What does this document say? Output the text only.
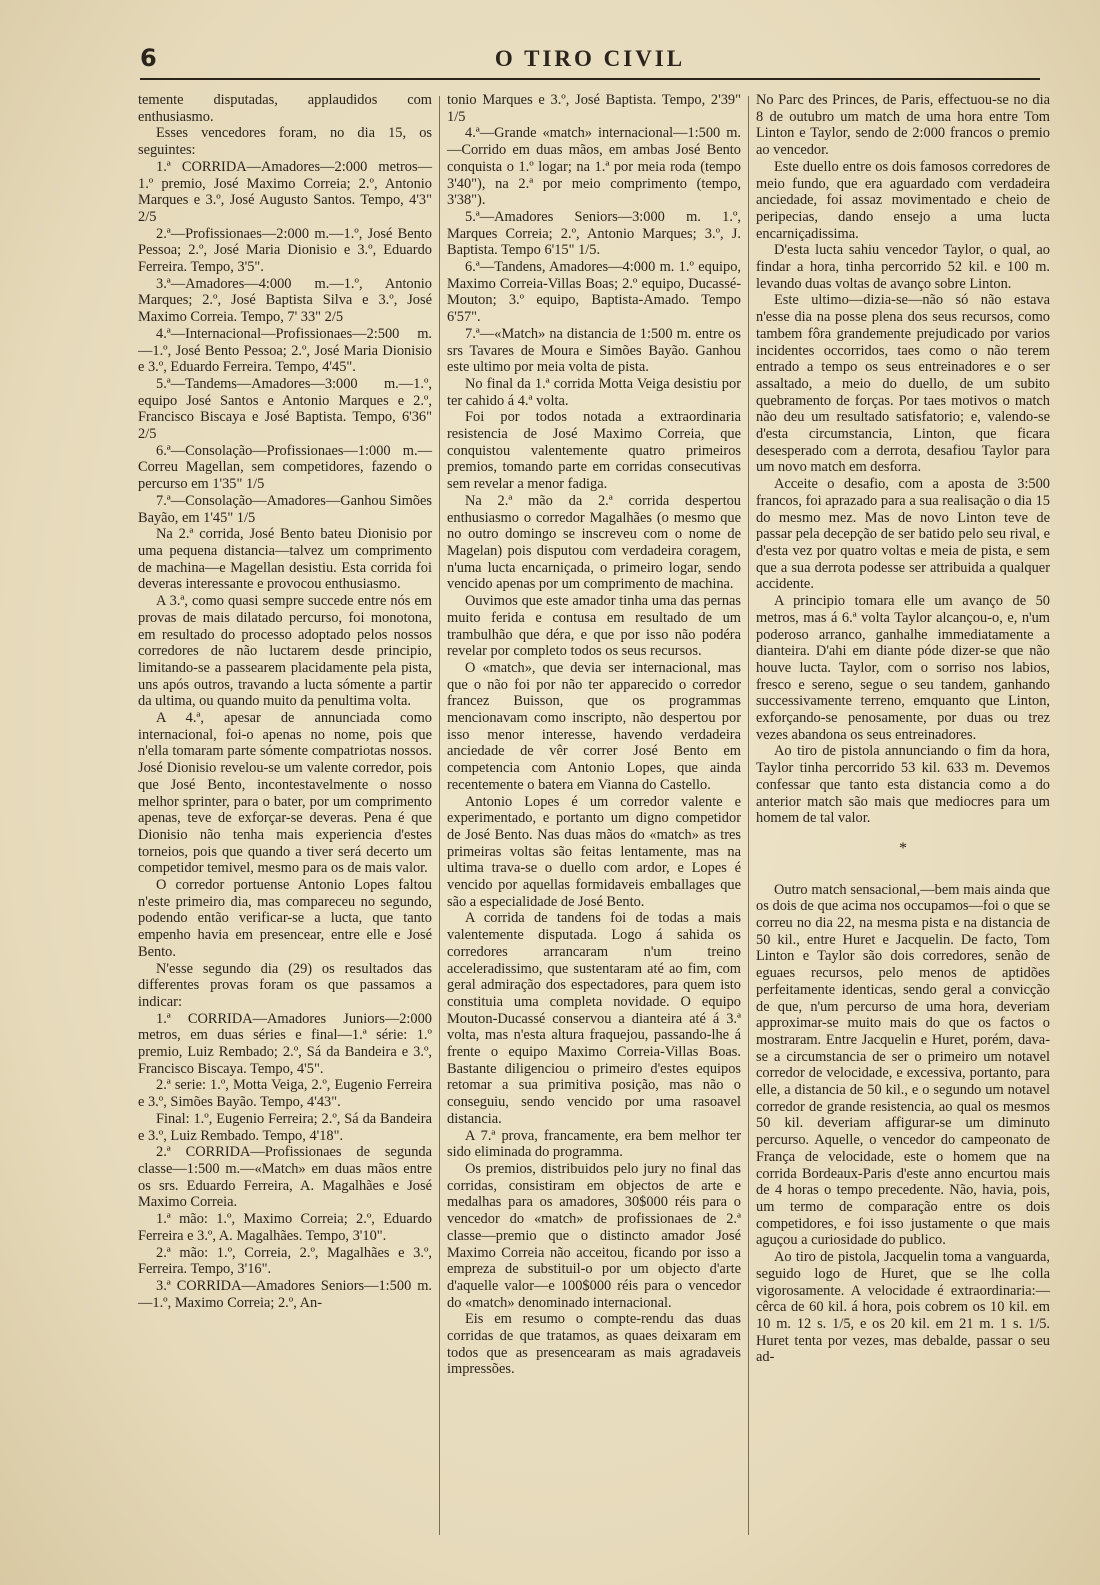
6	O TIRO CIVIL

temente disputadas, applaudidos com enthusiasmo.

Esses vencedores foram, no dia 15, os seguintes:

1.ª CORRIDA—Amadores—2:000 metros—1.º premio, José Maximo Correia; 2.º, Antonio Marques e 3.º, José Augusto Santos. Tempo, 4'3" 2/5

2.ª—Profissionaes—2:000 m.—1.º, José Bento Pessoa; 2.º, José Maria Dionisio e 3.º, Eduardo Ferreira. Tempo, 3'5".

3.ª—Amadores—4:000 m.—1.º, Antonio Marques; 2.º, José Baptista Silva e 3.º, José Maximo Correia. Tempo, 7' 33" 2/5

4.ª—Internacional—Profissionaes—2:500 m.—1.º, José Bento Pessoa; 2.º, José Maria Dionisio e 3.º, Eduardo Ferreira. Tempo, 4'45".

5.ª—Tandems—Amadores—3:000 m.—1.º, equipo José Santos e Antonio Marques e 2.º, Francisco Biscaya e José Baptista. Tempo, 6'36" 2/5

6.ª—Consolação—Profissionaes—1:000 m.—Correu Magellan, sem competidores, fazendo o percurso em 1'35" 1/5

7.ª—Consolação—Amadores—Ganhou Simões Bayão, em 1'45" 1/5

Na 2.ª corrida, José Bento bateu Dionisio por uma pequena distancia—talvez um comprimento de machina—e Magellan desistiu. Esta corrida foi deveras interessante e provocou enthusiasmo.

A 3.ª, como quasi sempre succede entre nós em provas de mais dilatado percurso, foi monotona, em resultado do processo adoptado pelos nossos corredores de não luctarem desde principio, limitando-se a passearem placidamente pela pista, uns após outros, travando a lucta sómente a partir da ultima, ou quando muito da penultima volta.

A 4.ª, apesar de annunciada como internacional, foi-o apenas no nome, pois que n'ella tomaram parte sómente compatriotas nossos. José Dionisio revelou-se um valente corredor, pois que José Bento, incontestavelmente o nosso melhor sprinter, para o bater, por um comprimento apenas, teve de exforçar-se deveras. Pena é que Dionisio não tenha mais experiencia d'estes torneios, pois que quando a tiver será decerto um competidor temivel, mesmo para os de mais valor.

O corredor portuense Antonio Lopes faltou n'este primeiro dia, mas compareceu no segundo, podendo então verificar-se a lucta, que tanto empenho havia em presencear, entre elle e José Bento.

N'esse segundo dia (29) os resultados das differentes provas foram os que passamos a indicar:

1.ª CORRIDA—Amadores Juniors—2:000 metros, em duas séries e final—1.ª série: 1.º premio, Luiz Rembado; 2.º, Sá da Bandeira e 3.º, Francisco Biscaya. Tempo, 4'5".

2.ª serie: 1.º, Motta Veiga, 2.º, Eugenio Ferreira e 3.º, Simões Bayão. Tempo, 4'43".

Final: 1.º, Eugenio Ferreira; 2.º, Sá da Bandeira e 3.º, Luiz Rembado. Tempo, 4'18".

2.ª CORRIDA—Profissionaes de segunda classe—1:500 m.—«Match» em duas mãos entre os srs. Eduardo Ferreira, A. Magalhães e José Maximo Correia.

1.ª mão: 1.º, Maximo Correia; 2.º, Eduardo Ferreira e 3.º, A. Magalhães. Tempo, 3'10".

2.ª mão: 1.º, Correia, 2.º, Magalhães e 3.º, Ferreira. Tempo, 3'16".

3.ª CORRIDA—Amadores Seniors—1:500 m.—1.º, Maximo Correia; 2.º, An-

tonio Marques e 3.º, José Baptista. Tempo, 2'39" 1/5

4.ª—Grande «match» internacional—1:500 m.—Corrido em duas mãos, em ambas José Bento conquista o 1.º logar; na 1.ª por meia roda (tempo 3'40"), na 2.ª por meio comprimento (tempo, 3'38").

5.ª—Amadores Seniors—3:000 m. 1.º, Marques Correia; 2.º, Antonio Marques; 3.º, J. Baptista. Tempo 6'15" 1/5.

6.ª—Tandens, Amadores—4:000 m. 1.º equipo, Maximo Correia-Villas Boas; 2.º equipo, Ducassé-Mouton; 3.º equipo, Baptista-Amado. Tempo 6'57".

7.ª—«Match» na distancia de 1:500 m. entre os srs Tavares de Moura e Simões Bayão. Ganhou este ultimo por meia volta de pista.

No final da 1.ª corrida Motta Veiga desistiu por ter cahido á 4.ª volta.

Foi por todos notada a extraordinaria resistencia de José Maximo Correia, que conquistou valentemente quatro primeiros premios, tomando parte em corridas consecutivas sem revelar a menor fadiga.

Na 2.ª mão da 2.ª corrida despertou enthusiasmo o corredor Magalhães (o mesmo que no outro domingo se inscreveu com o nome de Magelan) pois disputou com verdadeira coragem, n'uma lucta encarniçada, o primeiro logar, sendo vencido apenas por um comprimento de machina.

Ouvimos que este amador tinha uma das pernas muito ferida e contusa em resultado de um trambulhão que déra, e que por isso não podéra revelar por completo todos os seus recursos.

O «match», que devia ser internacional, mas que o não foi por não ter apparecido o corredor francez Buisson, que os programmas mencionavam como inscripto, não despertou por isso menor interesse, havendo verdadeira anciedade de vêr correr José Bento em competencia com Antonio Lopes, que ainda recentemente o batera em Vianna do Castello.

Antonio Lopes é um corredor valente e experimentado, e portanto um digno competidor de José Bento. Nas duas mãos do «match» as tres primeiras voltas são feitas lentamente, mas na ultima trava-se o duello com ardor, e Lopes é vencido por aquellas formidaveis emballages que são a especialidade de José Bento.

A corrida de tandens foi de todas a mais valentemente disputada. Logo á sahida os corredores arrancaram n'um treino acceleradissimo, que sustentaram até ao fim, com geral admiração dos espectadores, para quem isto constituia uma completa novidade. O equipo Mouton-Ducassé conservou a dianteira até á 3.ª volta, mas n'esta altura fraquejou, passando-lhe á frente o equipo Maximo Correia-Villas Boas. Bastante diligenciou o primeiro d'estes equipos retomar a sua primitiva posição, mas não o conseguiu, sendo vencido por uma rasoavel distancia.

A 7.ª prova, francamente, era bem melhor ter sido eliminada do programma.

Os premios, distribuidos pelo jury no final das corridas, consistiram em objectos de arte e medalhas para os amadores, 30$000 réis para o vencedor do «match» de profissionaes de 2.ª classe—premio que o distincto amador José Maximo Correia não acceitou, ficando por isso a empreza de substituil-o por um objecto d'arte d'aquelle valor—e 100$000 réis para o vencedor do «match» denominado internacional.

Eis em resumo o compte-rendu das duas corridas de que tratamos, as quaes deixaram em todos que as presencearam as mais agradaveis impressões.

No Parc des Princes, de Paris, effectuou-se no dia 8 de outubro um match de uma hora entre Tom Linton e Taylor, sendo de 2:000 francos o premio ao vencedor.

Este duello entre os dois famosos corredores de meio fundo, que era aguardado com verdadeira anciedade, foi assaz movimentado e cheio de peripecias, dando ensejo a uma lucta encarniçadissima.

D'esta lucta sahiu vencedor Taylor, o qual, ao findar a hora, tinha percorrido 52 kil. e 100 m. levando duas voltas de avanço sobre Linton.

Este ultimo—dizia-se—não só não estava n'esse dia na posse plena dos seus recursos, como tambem fôra grandemente prejudicado por varios incidentes occorridos, taes como o não terem entrado a tempo os seus entreinadores e o ser assaltado, a meio do duello, de um subito quebramento de forças. Por taes motivos o match não deu um resultado satisfatorio; e, valendo-se d'esta circumstancia, Linton, que ficara desesperado com a derrota, desafiou Taylor para um novo match em desforra.

Acceite o desafio, com a aposta de 3:500 francos, foi aprazado para a sua realisação o dia 15 do mesmo mez. Mas de novo Linton teve de passar pela decepção de ser batido pelo seu rival, e d'esta vez por quatro voltas e meia de pista, e sem que a sua derrota podesse ser attribuida a qualquer accidente.

A principio tomara elle um avanço de 50 metros, mas á 6.ª volta Taylor alcançou-o, e, n'um poderoso arranco, ganhalhe immediatamente a dianteira. D'ahi em diante póde dizer-se que não houve lucta. Taylor, com o sorriso nos labios, fresco e sereno, segue o seu tandem, ganhando successivamente terreno, emquanto que Linton, exforçando-se penosamente, por duas ou trez vezes abandona os seus entreinadores.

Ao tiro de pistola annunciando o fim da hora, Taylor tinha percorrido 53 kil. 633 m. Devemos confessar que tanto esta distancia como a do anterior match são mais que mediocres para um homem de tal valor.

*

Outro match sensacional,—bem mais ainda que os dois de que acima nos occupamos—foi o que se correu no dia 22, na mesma pista e na distancia de 50 kil., entre Huret e Jacquelin. De facto, Tom Linton e Taylor são dois corredores, senão de eguaes recursos, pelo menos de aptidões perfeitamente identicas, sendo geral a convicção de que, n'um percurso de uma hora, deveriam approximar-se muito mais do que os factos o mostraram. Entre Jacquelin e Huret, porém, dava-se a circumstancia de ser o primeiro um notavel corredor de velocidade, e excessiva, portanto, para elle, a distancia de 50 kil., e o segundo um notavel corredor de grande resistencia, ao qual os mesmos 50 kil. deveriam affigurar-se um diminuto percurso. Aquelle, o vencedor do campeonato de França de velocidade, este o homem que na corrida Bordeaux-Paris d'este anno encurtou mais de 4 horas o tempo precedente. Não, havia, pois, um termo de comparação entre os dois competidores, e foi isso justamente o que mais aguçou a curiosidade do publico.

Ao tiro de pistola, Jacquelin toma a vanguarda, seguido logo de Huret, que se lhe colla vigorosamente. A velocidade é extraordinaria:—cêrca de 60 kil. á hora, pois cobrem os 10 kil. em 10 m. 12 s. 1/5, e os 20 kil. em 21 m. 1 s. 1/5. Huret tenta por vezes, mas debalde, passar o seu ad-
